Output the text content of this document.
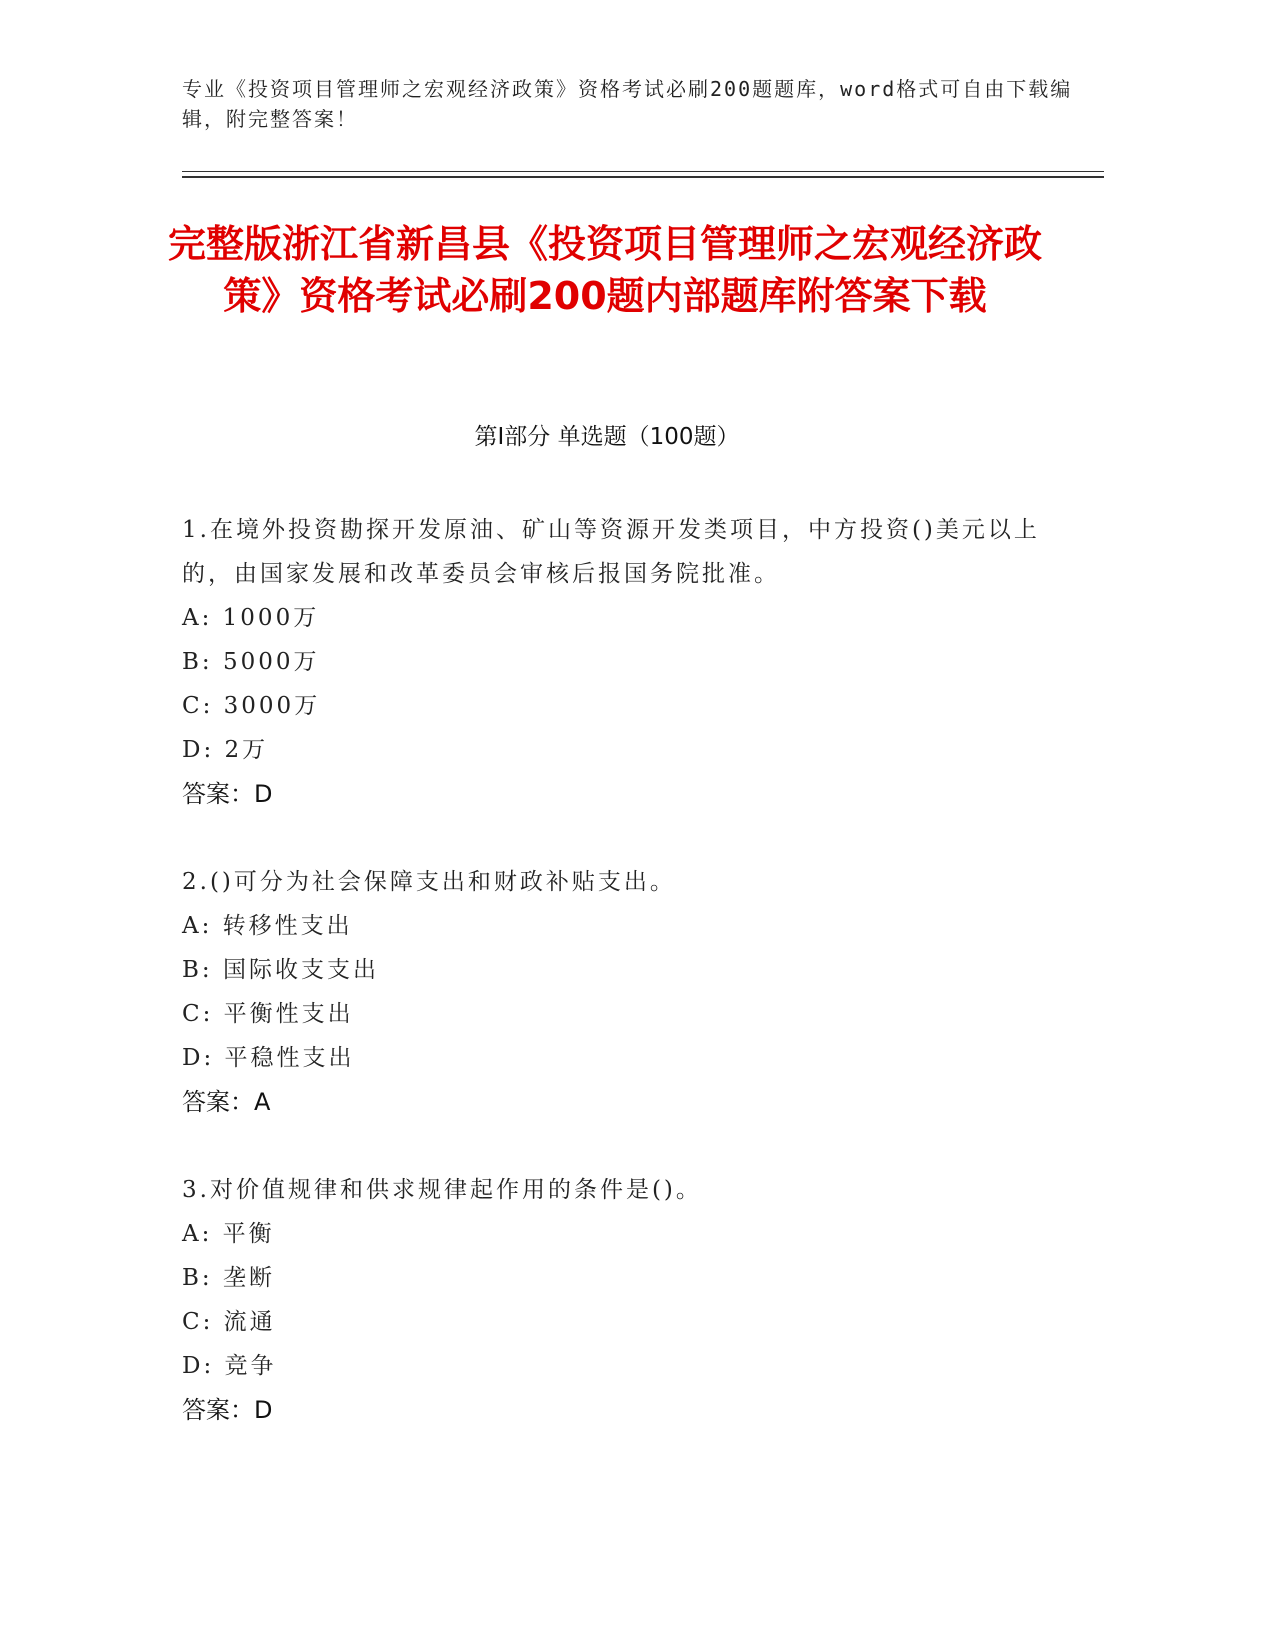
专业《投资项目管理师之宏观经济政策》资格考试必刷200题题库，word格式可自由下载编辑，附完整答案！
完整版浙江省新昌县《投资项目管理师之宏观经济政策》资格考试必刷200题内部题库附答案下载
第Ⅰ部分 单选题（100题）
1.在境外投资勘探开发原油、矿山等资源开发类项目，中方投资()美元以上的，由国家发展和改革委员会审核后报国务院批准。
A: 1000万
B: 5000万
C: 3000万
D: 2万
答案：D
2.()可分为社会保障支出和财政补贴支出。
A: 转移性支出
B: 国际收支支出
C: 平衡性支出
D: 平稳性支出
答案：A
3.对价值规律和供求规律起作用的条件是()。
A: 平衡
B: 垄断
C: 流通
D: 竞争
答案：D
